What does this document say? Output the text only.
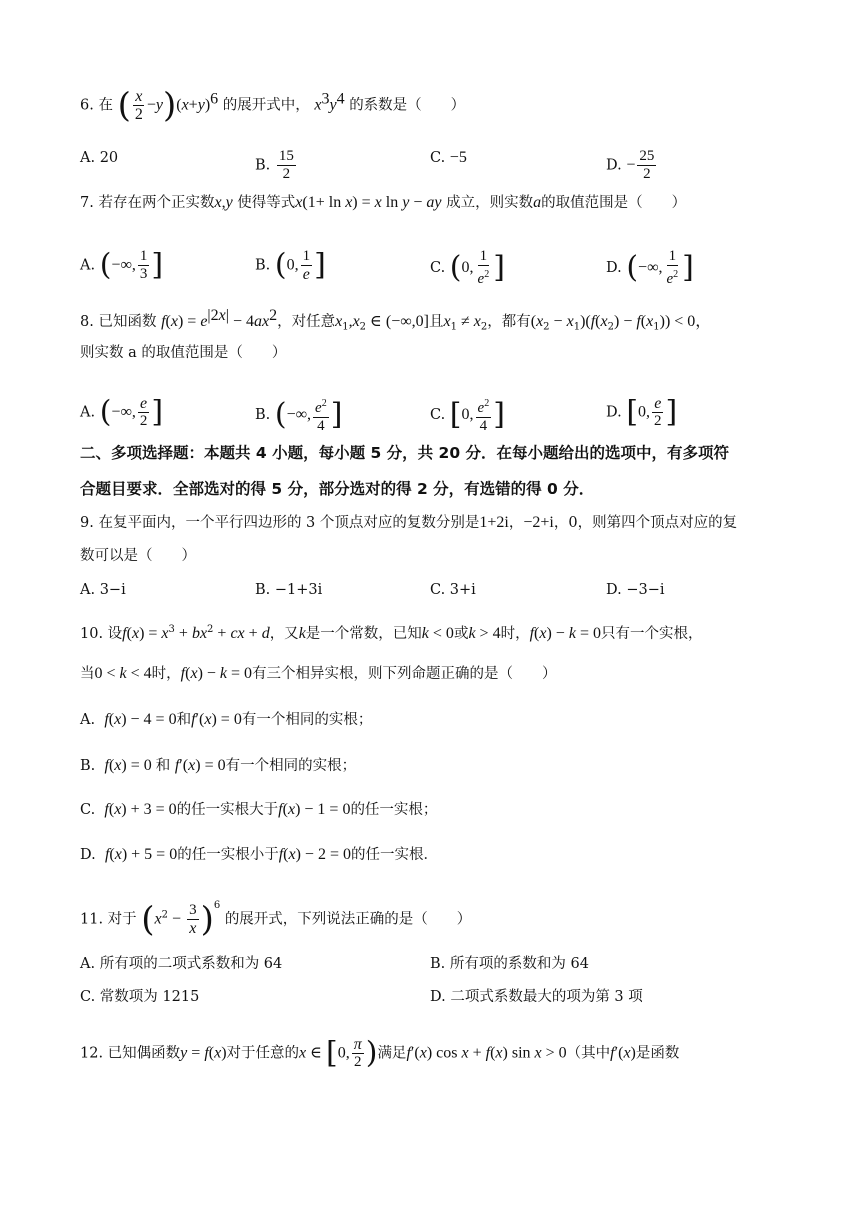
6. 在 ( $\frac{x}{2} -y)(x+y)^6$ 的展开式中， $x^3y^4$ 的系数是（　　）
A. 20	B. $\frac{15}{2}$	C. −5	D. − $\frac{25}{2}$
7. 若存在两个正实数x,y 使得等式x(1+ ln x) = x ln y − ay 成立，则实数a的取值范围是（　　）
A. (−∞, $\frac{1}{3}$ ]	B. (0, $\frac{1}{e}$ ]	C. (0, $\frac{1}{e^2}$ ]	D. (−∞, $\frac{1}{e^2}$ ]
8. 已知函数 $f(x) = e^{|2x|} - 4ax^2$，对任意$x_1,x_2$ ∈ (−∞,0]且$x_1 \ne x_2$，都有$(x_2 - x_1)(f(x_2) - f(x_1)) < 0$，
则实数 a 的取值范围是（　　）
A. (−∞, $\frac{e}{2}$ ]	B. (−∞, $\frac{e^2}{4}$ ]	C. [0, $\frac{e^2}{4}$ ]	D. [0, $\frac{e}{2}$ ]
二、多项选择题：本题共 4 小题，每小题 5 分，共 20 分．在每小题给出的选项中，有多项符
合题目要求．全部选对的得 5 分，部分选对的得 2 分，有选错的得 0 分．
9. 在复平面内，一个平行四边形的 3 个顶点对应的复数分别是1+2i，−2+i，0，则第四个顶点对应的复
数可以是（　　）
A. 3−i	B. −1+3i	C. 3+i	D. −3−i
10. 设$f(x) = x^3 + bx^2$ + cx + d，又k是一个常数，已知k < 0或k > 4时，f(x) − k = 0只有一个实根，
当0 < k < 4时，f(x) − k = 0有三个相异实根，则下列命题正确的是（　　）
A.  f(x) − 4 = 0和f′(x) = 0有一个相同的实根；
B.  f(x) = 0 和 f′(x) = 0有一个相同的实根；
C.  f(x) + 3 = 0的任一实根大于f(x) − 1 = 0的任一实根；
D.  f(x) + 5 = 0的任一实根小于f(x) − 2 = 0的任一实根．
11. 对于 $(x^2 - \frac{3}{x} )^6$ 的展开式，下列说法正确的是（　　）
A. 所有项的二项式系数和为 64	B. 所有项的系数和为 64
C. 常数项为 1215	D. 二项式系数最大的项为第 3 项
12. 已知偶函数y = f(x)对于任意的x ∈ [0, $\frac{\pi}{2}$ )满足f′(x) cos x + f(x) sin x > 0（其中f′(x)是函数
